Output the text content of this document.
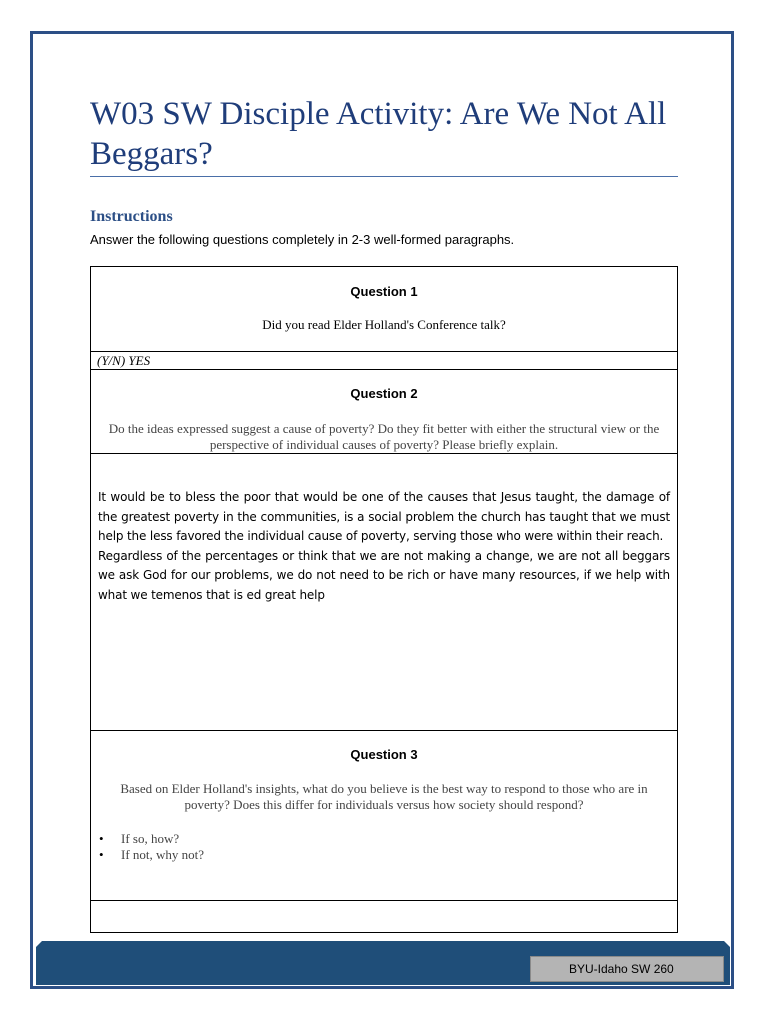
W03 SW Disciple Activity: Are We Not All Beggars?
Instructions

Answer the following questions completely in 2-3 well-formed paragraphs.

Question 1
Did you read Elder Holland's Conference talk?
(Y/N) YES
Question 2
Do the ideas expressed suggest a cause of poverty? Do they fit better with either the structural view or the perspective of individual causes of poverty? Please briefly explain.

It would be to bless the poor that would be one of the causes that Jesus taught, the damage of the greatest poverty in the communities, is a social problem the church has taught that we must help the less favored the individual cause of poverty, serving those who were within their reach.

Regardless of the percentages or think that we are not making a change, we are not all beggars we ask God for our problems, we do not need to be rich or have many resources, if we help with what we temenos that is ed great help

Question 3
Based on Elder Holland's insights, what do you believe is the best way to respond to those who are in poverty? Does this differ for individuals versus how society should respond?
• If so, how?
• If not, why not?
BYU-Idaho SW 260
